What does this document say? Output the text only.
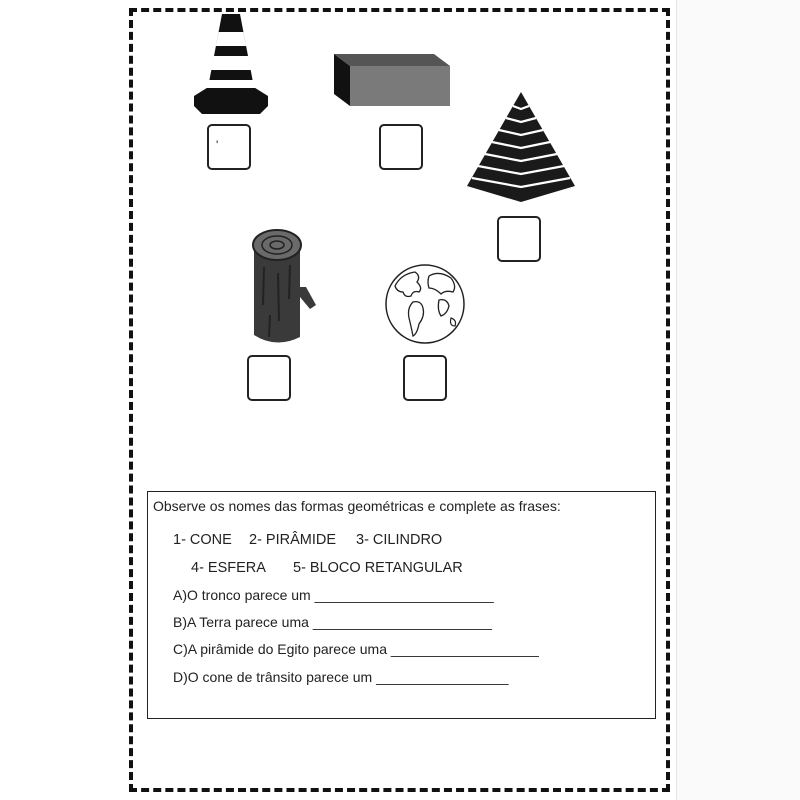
'
Observe os nomes das formas geométricas e complete as frases:
1- CONE 2- PIRÂMIDE 3- CILINDRO
4- ESFERA 5- BLOCO RETANGULAR
A)O tronco parece um _______________________
B)A Terra parece uma _______________________
C)A pirâmide do Egito parece uma ___________________
D)O cone de trânsito parece um _________________
